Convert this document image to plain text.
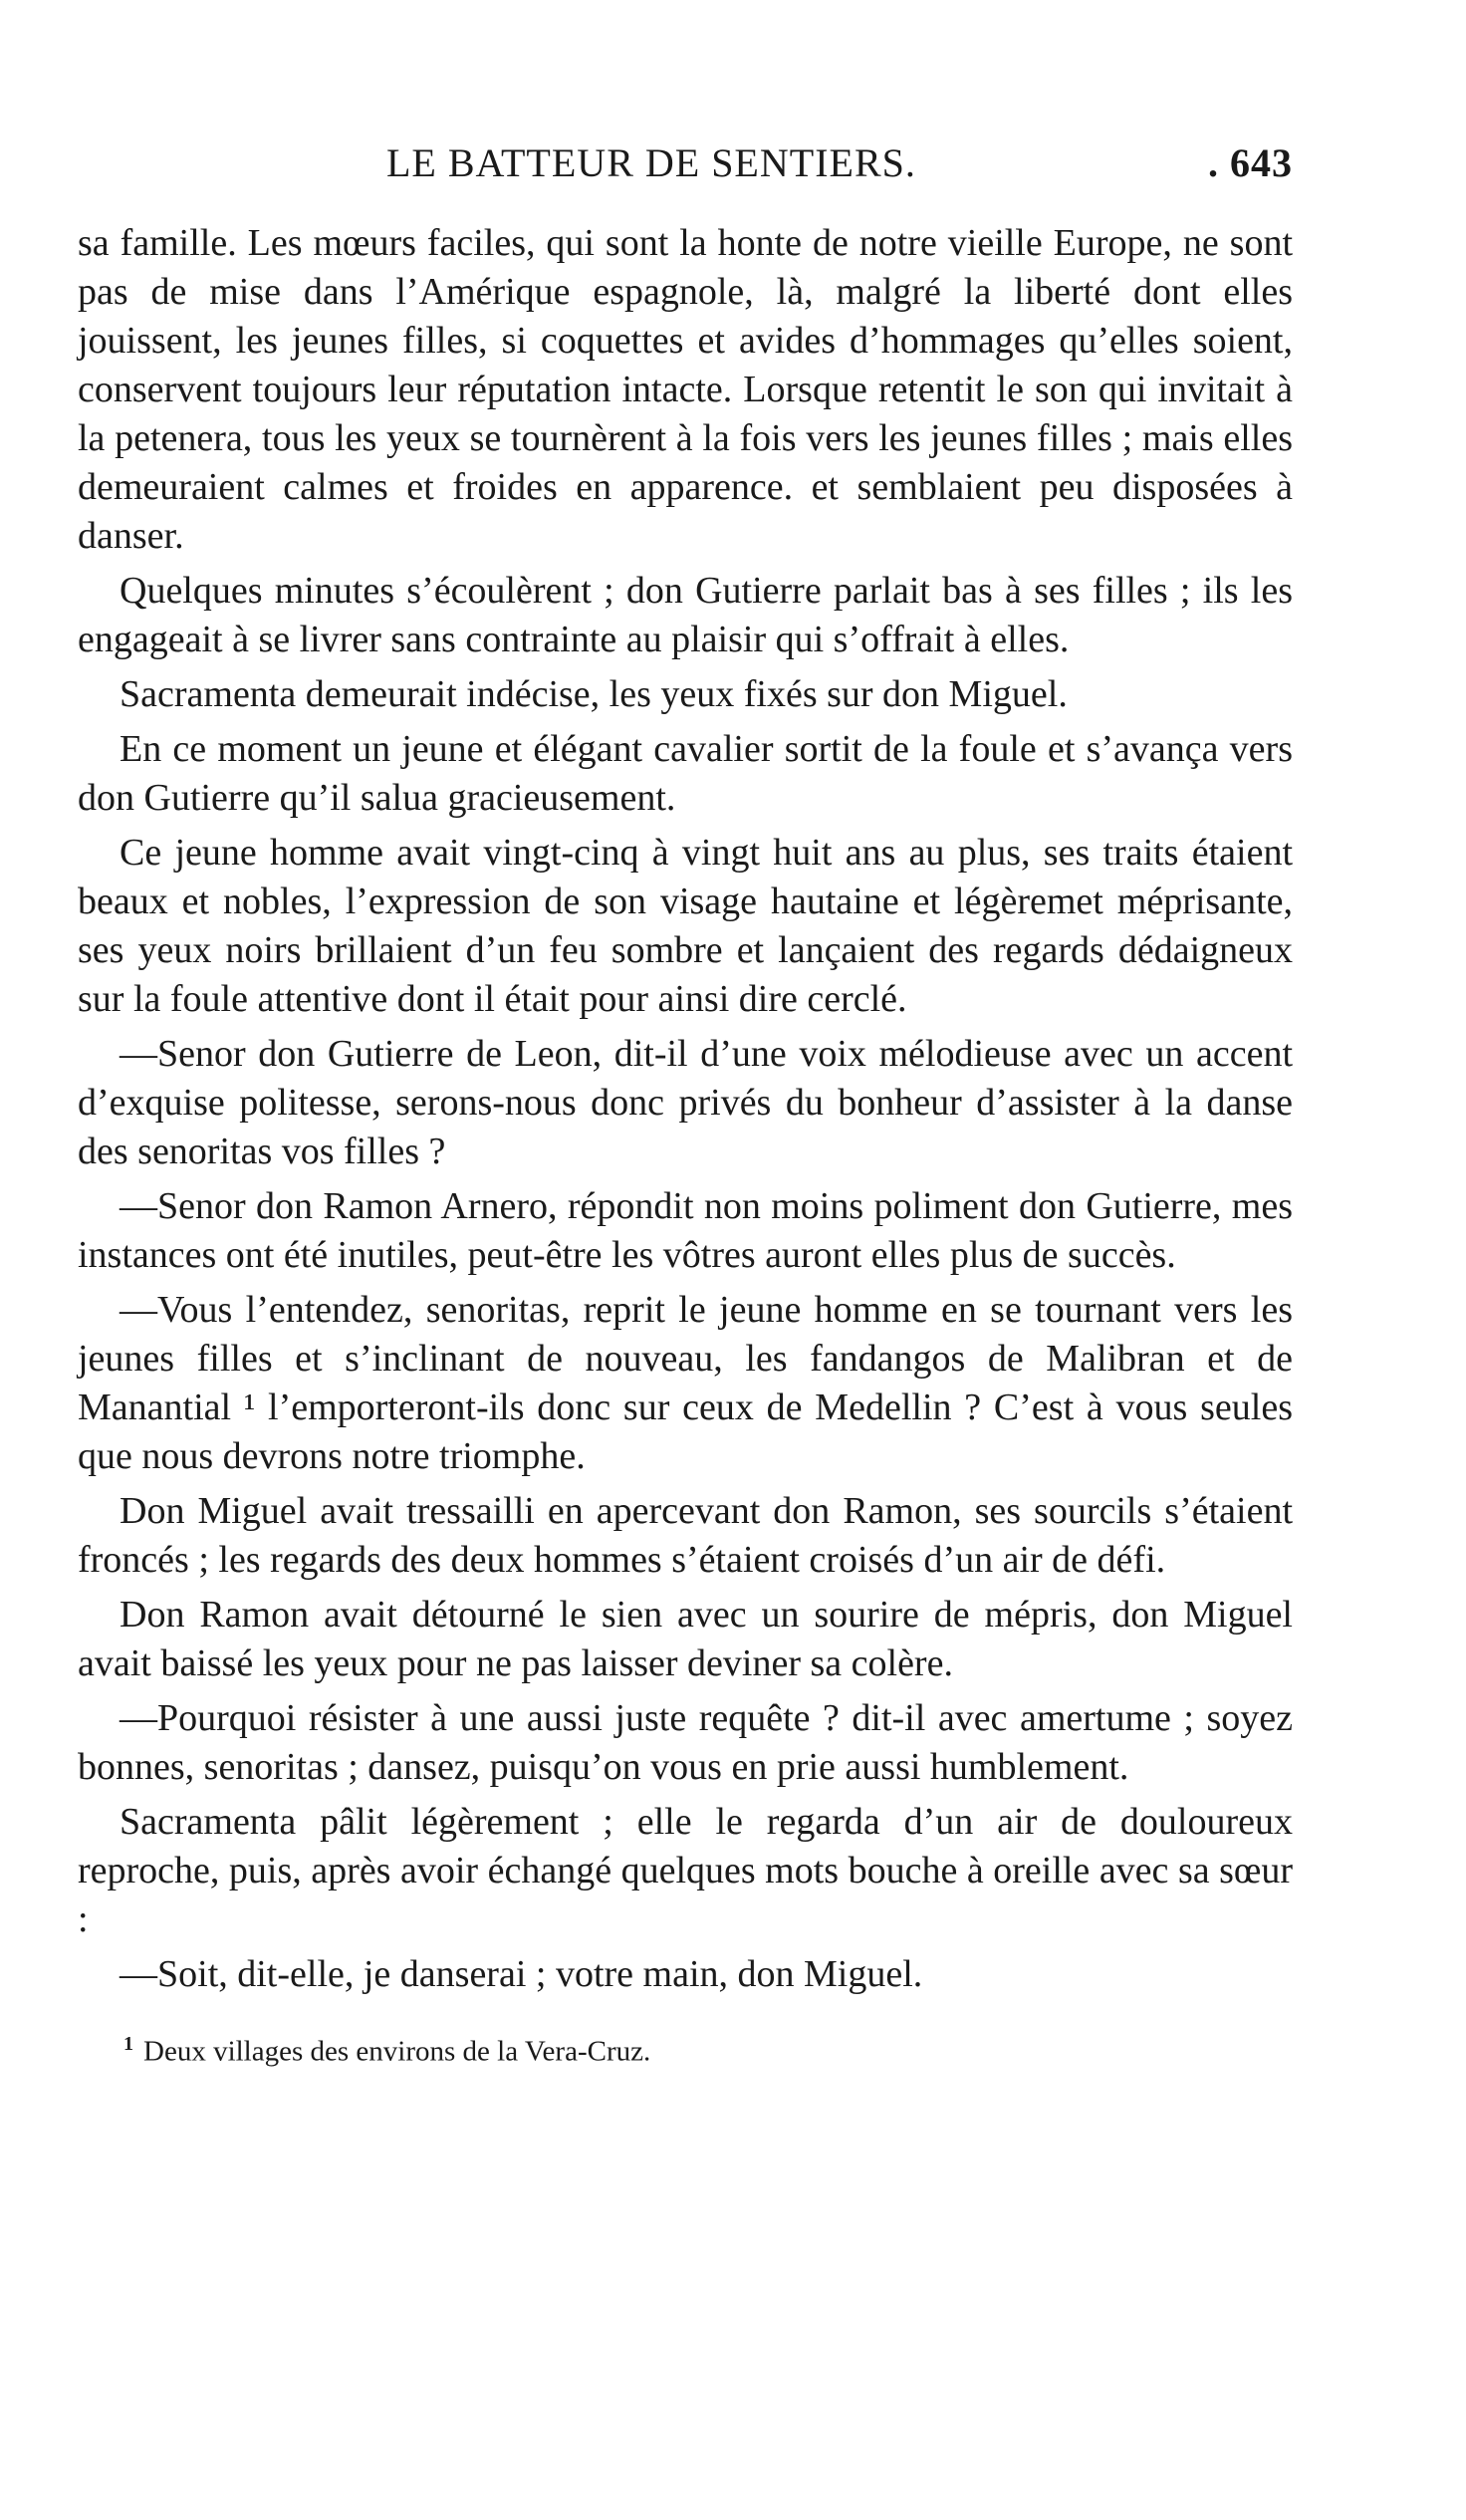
LE BATTEUR DE SENTIERS.	. 643

sa famille. Les mœurs faciles, qui sont la honte de notre vieille Europe, ne sont pas de mise dans l’Amérique espagnole, là, malgré la liberté dont elles jouissent, les jeunes filles, si coquettes et avides d’hommages qu’elles soient, conservent toujours leur réputation intacte. Lorsque retentit le son qui invitait à la petenera, tous les yeux se tournèrent à la fois vers les jeunes filles ; mais elles demeuraient calmes et froides en apparence. et semblaient peu disposées à danser.

Quelques minutes s’écoulèrent ; don Gutierre parlait bas à ses filles ; ils les engageait à se livrer sans contrainte au plaisir qui s’offrait à elles.

Sacramenta demeurait indécise, les yeux fixés sur don Miguel.

En ce moment un jeune et élégant cavalier sortit de la foule et s’avança vers don Gutierre qu’il salua gracieusement.

Ce jeune homme avait vingt-cinq à vingt huit ans au plus, ses traits étaient beaux et nobles, l’expression de son visage hautaine et légèremet méprisante, ses yeux noirs brillaient d’un feu sombre et lançaient des regards dédaigneux sur la foule attentive dont il était pour ainsi dire cerclé.

—Senor don Gutierre de Leon, dit-il d’une voix mélodieuse avec un accent d’exquise politesse, serons-nous donc privés du bonheur d’assister à la danse des senoritas vos filles ?

—Senor don Ramon Arnero, répondit non moins poliment don Gutierre, mes instances ont été inutiles, peut-être les vôtres auront elles plus de succès.

—Vous l’entendez, senoritas, reprit le jeune homme en se tournant vers les jeunes filles et s’inclinant de nouveau, les fandangos de Malibran et de Manantial ¹ l’emporteront-ils donc sur ceux de Medellin ? C’est à vous seules que nous devrons notre triomphe.

Don Miguel avait tressailli en apercevant don Ramon, ses sourcils s’étaient froncés ; les regards des deux hommes s’étaient croisés d’un air de défi.

Don Ramon avait détourné le sien avec un sourire de mépris, don Miguel avait baissé les yeux pour ne pas laisser deviner sa colère.

—Pourquoi résister à une aussi juste requête ? dit-il avec amertume ; soyez bonnes, senoritas ; dansez, puisqu’on vous en prie aussi humblement.

Sacramenta pâlit légèrement ; elle le regarda d’un air de douloureux reproche, puis, après avoir échangé quelques mots bouche à oreille avec sa sœur :

—Soit, dit-elle, je danserai ; votre main, don Miguel.

$^1$ Deux villages des environs de la Vera-Cruz.
